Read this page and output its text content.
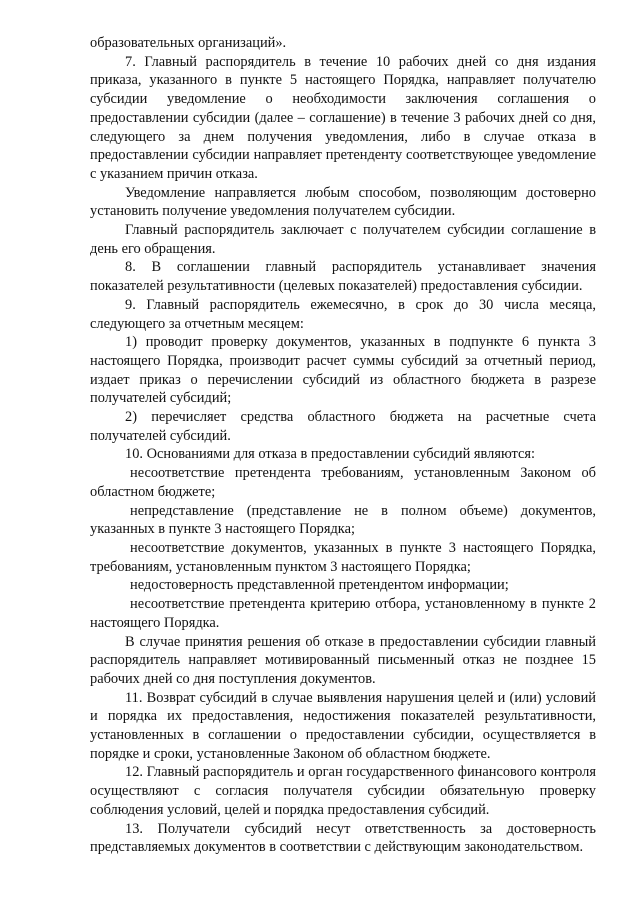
образовательных организаций».

7. Главный распорядитель в течение 10 рабочих дней со дня издания приказа, указанного в пункте 5 настоящего Порядка, направляет получателю субсидии уведомление о необходимости заключения соглашения о предоставлении субсидии (далее – соглашение) в течение 3 рабочих дней со дня, следующего за днем получения уведомления, либо в случае отказа в предоставлении субсидии направляет претенденту соответствующее уведомление с указанием причин отказа.

Уведомление направляется любым способом, позволяющим достоверно установить получение уведомления получателем субсидии.

Главный распорядитель заключает с получателем субсидии соглашение в день его обращения.

8. В соглашении главный распорядитель устанавливает значения показателей результативности (целевых показателей) предоставления субсидии.

9. Главный распорядитель ежемесячно, в срок до 30 числа месяца, следующего за отчетным месяцем:

1) проводит проверку документов, указанных в подпункте 6 пункта 3 настоящего Порядка, производит расчет суммы субсидий за отчетный период, издает приказ о перечислении субсидий из областного бюджета в разрезе получателей субсидий;

2) перечисляет средства областного бюджета на расчетные счета получателей субсидий.

10. Основаниями для отказа в предоставлении субсидий являются:

несоответствие претендента требованиям, установленным Законом об областном бюджете;

непредставление (представление не в полном объеме) документов, указанных в пункте 3 настоящего Порядка;

несоответствие документов, указанных в пункте 3 настоящего Порядка, требованиям, установленным пунктом 3 настоящего Порядка;

недостоверность представленной претендентом информации;

несоответствие претендента критерию отбора, установленному в пункте 2 настоящего Порядка.

В случае принятия решения об отказе в предоставлении субсидии главный распорядитель направляет мотивированный письменный отказ не позднее 15 рабочих дней со дня поступления документов.

11. Возврат субсидий в случае выявления нарушения целей и (или) условий и порядка их предоставления, недостижения показателей результативности, установленных в соглашении о предоставлении субсидии, осуществляется в порядке и сроки, установленные Законом об областном бюджете.

12. Главный распорядитель и орган государственного финансового контроля осуществляют с согласия получателя субсидии обязательную проверку соблюдения условий, целей и порядка предоставления субсидий.

13. Получатели субсидий несут ответственность за достоверность представляемых документов в соответствии с действующим законодательством.
